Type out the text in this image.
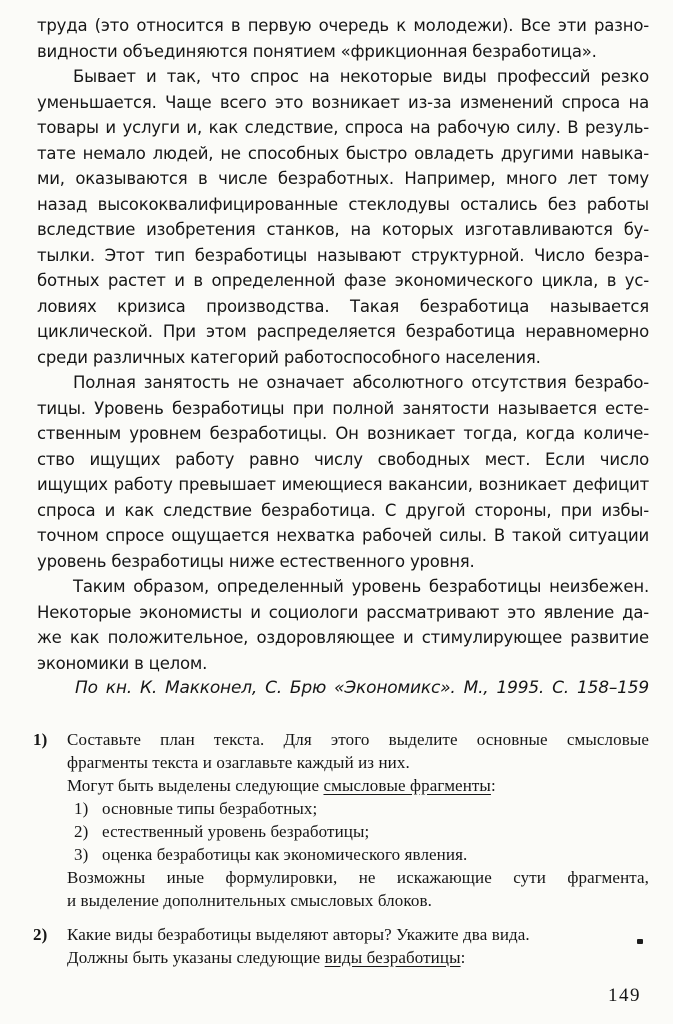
труда (это относится в первую очередь к молодежи). Все эти разно-
видности объединяются понятием «фрикционная безработица».
Бывает и так, что спрос на некоторые виды профессий резко
уменьшается. Чаще всего это возникает из-за изменений спроса на
товары и услуги и, как следствие, спроса на рабочую силу. В резуль-
тате немало людей, не способных быстро овладеть другими навыка-
ми, оказываются в числе безработных. Например, много лет тому
назад высококвалифицированные стеклодувы остались без работы
вследствие изобретения станков, на которых изготавливаются бу-
тылки. Этот тип безработицы называют структурной. Число безра-
ботных растет и в определенной фазе экономического цикла, в ус-
ловиях кризиса производства. Такая безработица называется
циклической. При этом распределяется безработица неравномерно
среди различных категорий работоспособного населения.
Полная занятость не означает абсолютного отсутствия безрабо-
тицы. Уровень безработицы при полной занятости называется есте-
ственным уровнем безработицы. Он возникает тогда, когда количе-
ство ищущих работу равно числу свободных мест. Если число
ищущих работу превышает имеющиеся вакансии, возникает дефицит
спроса и как следствие безработица. С другой стороны, при избы-
точном спросе ощущается нехватка рабочей силы. В такой ситуации
уровень безработицы ниже естественного уровня.
Таким образом, определенный уровень безработицы неизбежен.
Некоторые экономисты и социологи рассматривают это явление да-
же как положительное, оздоровляющее и стимулирующее развитие
экономики в целом.
По кн. К. Макконел, С. Брю «Экономикс». М., 1995. С. 158–159
1)	Составьте план текста. Для этого выделите основные смысловые
фрагменты текста и озаглавьте каждый из них.
Могут быть выделены следующие смысловые фрагменты:
1) основные типы безработных;
2) естественный уровень безработицы;
3) оценка безработицы как экономического явления.
Возможны иные формулировки, не искажающие сути фрагмента,
и выделение дополнительных смысловых блоков.
2)	Какие виды безработицы выделяют авторы? Укажите два вида.
Должны быть указаны следующие виды безработицы:
149
